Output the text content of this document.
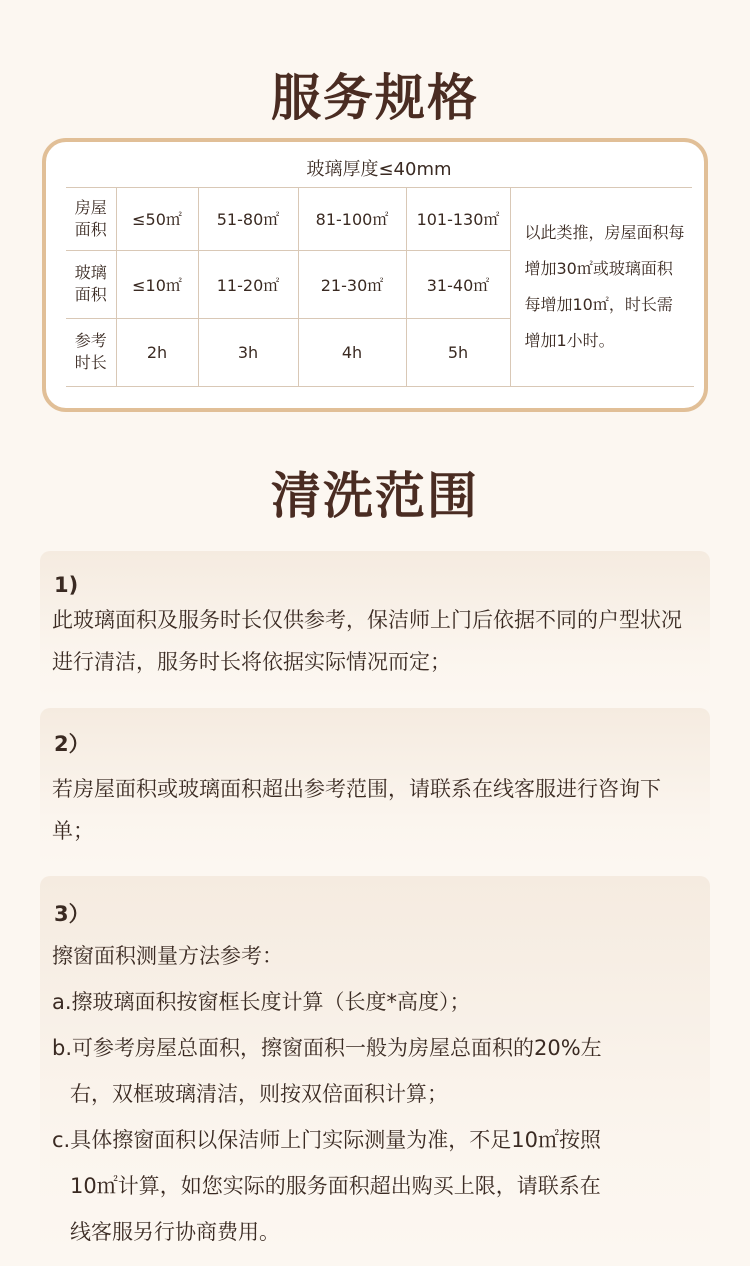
服务规格
玻璃厚度≤40mm
房屋
面积	≤50㎡	51-80㎡	81-100㎡	101-130㎡	以此类推，房屋面积每增加30㎡或玻璃面积每增加10㎡，时长需增加1小时。
玻璃
面积	≤10㎡	11-20㎡	21-30㎡	31-40㎡	
参考
时长	2h	3h	4h	5h	
清洗范围
1)
此玻璃面积及服务时长仅供参考，保洁师上门后依据不同的户型状况进行清洁，服务时长将依据实际情况而定；
2）
若房屋面积或玻璃面积超出参考范围，请联系在线客服进行咨询下单；
3）
擦窗面积测量方法参考：
a.擦玻璃面积按窗框长度计算（长度*高度）；
b.可参考房屋总面积，擦窗面积一般为房屋总面积的20%左
右，双框玻璃清洁，则按双倍面积计算；
c.具体擦窗面积以保洁师上门实际测量为准，不足10㎡按照
10㎡计算，如您实际的服务面积超出购买上限，请联系在
线客服另行协商费用。
